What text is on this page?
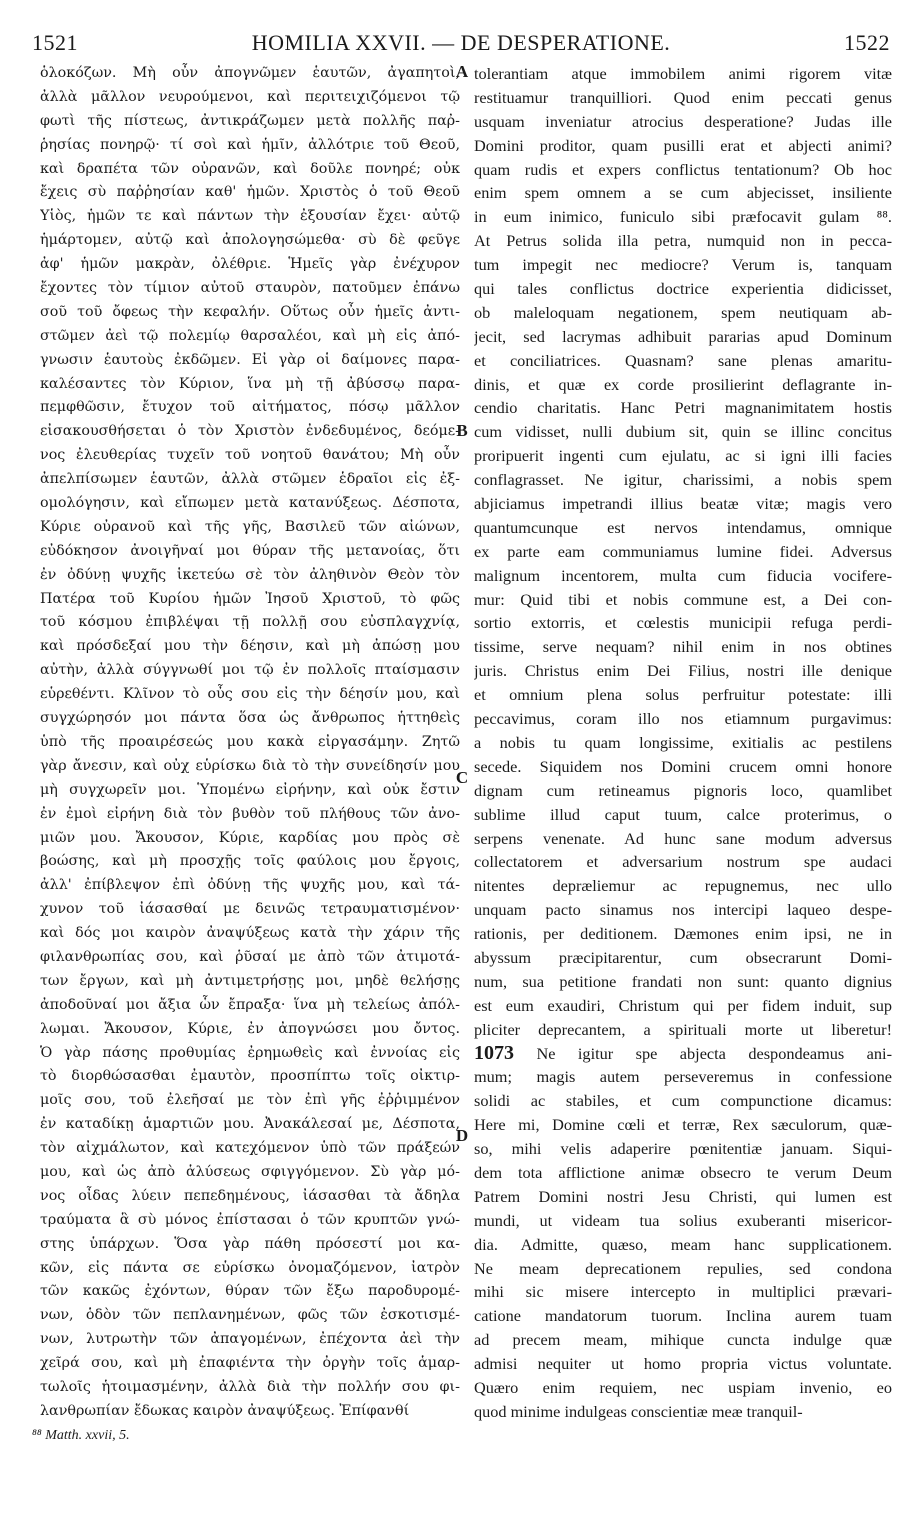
1521	HOMILIA XXVII. — DE DESPERATIONE.	1522
ὁλοκόζων. Μὴ οὖν ἀπογνῶμεν ἑαυτῶν, ἀγαπητοὶ,
ἀλλὰ μᾶλλον νευρούμενοι, καὶ περιτειχιζόμενοι τῷ
φωτὶ τῆς πίστεως, ἀντικράζωμεν μετὰ πολλῆς παῤ-
ῥησίας πονηρῷ· τί σοὶ καὶ ἡμῖν, ἀλλότριε τοῦ Θεοῦ,
καὶ δραπέτα τῶν οὐρανῶν, καὶ δοῦλε πονηρέ; οὐκ
ἔχεις σὺ παῤῥησίαν καθ' ἡμῶν. Χριστὸς ὁ τοῦ Θεοῦ
Υἱὸς, ἡμῶν τε καὶ πάντων τὴν ἐξουσίαν ἔχει· αὐτῷ
ἡμάρτομεν, αὐτῷ καὶ ἀπολογησώμεθα· σὺ δὲ φεῦγε
ἀφ' ἡμῶν μακρὰν, ὀλέθριε. Ἡμεῖς γὰρ ἐνέχυρον
ἔχοντες τὸν τίμιον αὐτοῦ σταυρὸν, πατοῦμεν ἐπάνω
σοῦ τοῦ ὄφεως τὴν κεφαλήν. Οὕτως οὖν ἡμεῖς ἀντι-
στῶμεν ἀεὶ τῷ πολεμίῳ θαρσαλέοι, καὶ μὴ εἰς ἀπό-
γνωσιν ἑαυτοὺς ἐκδῶμεν. Εἰ γὰρ οἱ δαίμονες παρα-
καλέσαντες τὸν Κύριον, ἵνα μὴ τῇ ἀβύσσῳ παρα-
πεμφθῶσιν, ἔτυχον τοῦ αἰτήματος, πόσῳ μᾶλλον
εἰσακουσθήσεται ὁ τὸν Χριστὸν ἐνδεδυμένος, δεόμε-
νος ἐλευθερίας τυχεῖν τοῦ νοητοῦ θανάτου; Μὴ οὖν
ἀπελπίσωμεν ἑαυτῶν, ἀλλὰ στῶμεν ἑδραῖοι εἰς ἐξ-
ομολόγησιν, καὶ εἴπωμεν μετὰ κατανύξεως. Δέσποτα,
Κύριε οὐρανοῦ καὶ τῆς γῆς, Βασιλεῦ τῶν αἰώνων,
εὐδόκησον ἀνοιγῆναί μοι θύραν τῆς μετανοίας, ὅτι
ἐν ὀδύνῃ ψυχῆς ἱκετεύω σὲ τὸν ἀληθινὸν Θεὸν τὸν
Πατέρα τοῦ Κυρίου ἡμῶν Ἰησοῦ Χριστοῦ, τὸ φῶς
τοῦ κόσμου ἐπιβλέψαι τῇ πολλῇ σου εὐσπλαγχνίᾳ,
καὶ πρόσδεξαί μου τὴν δέησιν, καὶ μὴ ἀπώσῃ μου
αὐτὴν, ἀλλὰ σύγγνωθί μοι τῷ ἐν πολλοῖς πταίσμασιν
εὑρεθέντι. Κλῖνον τὸ οὖς σου εἰς τὴν δέησίν μου, καὶ
συγχώρησόν μοι πάντα ὅσα ὡς ἄνθρωπος ἡττηθεὶς
ὑπὸ τῆς προαιρέσεώς μου κακὰ εἰργασάμην. Ζητῶ
γὰρ ἄνεσιν, καὶ οὐχ εὑρίσκω διὰ τὸ τὴν συνείδησίν μου
μὴ συγχωρεῖν μοι. Ὑπομένω εἰρήνην, καὶ οὐκ ἔστιν
ἐν ἐμοὶ εἰρήνη διὰ τὸν βυθὸν τοῦ πλήθους τῶν ἀνο-
μιῶν μου. Ἄκουσον, Κύριε, καρδίας μου πρὸς σὲ
βοώσης, καὶ μὴ προσχῇς τοῖς φαύλοις μου ἔργοις,
ἀλλ' ἐπίβλεψον ἐπὶ ὀδύνῃ τῆς ψυχῆς μου, καὶ τά-
χυνον τοῦ ἰάσασθαί με δεινῶς τετραυματισμένον·
καὶ δός μοι καιρὸν ἀναψύξεως κατὰ τὴν χάριν τῆς
φιλανθρωπίας σου, καὶ ῥῦσαί με ἀπὸ τῶν ἀτιμοτά-
των ἔργων, καὶ μὴ ἀντιμετρήσῃς μοι, μηδὲ θελήσῃς
ἀποδοῦναί μοι ἄξια ὧν ἔπραξα· ἵνα μὴ τελείως ἀπόλ-
λωμαι. Ἄκουσον, Κύριε, ἐν ἀπογνώσει μου ὄντος.
Ὁ γὰρ πάσης προθυμίας ἐρημωθεὶς καὶ ἐννοίας εἰς
τὸ διορθώσασθαι ἐμαυτὸν, προσπίπτω τοῖς οἰκτιρ-
μοῖς σου, τοῦ ἐλεῆσαί με τὸν ἐπὶ γῆς ἐῤῥιμμένον
ἐν καταδίκῃ ἁμαρτιῶν μου. Ἀνακάλεσαί με, Δέσποτα,
τὸν αἰχμάλωτον, καὶ κατεχόμενον ὑπὸ τῶν πράξεών
μου, καὶ ὡς ἀπὸ ἁλύσεως σφιγγόμενον. Σὺ γὰρ μό-
νος οἶδας λύειν πεπεδημένους, ἰάσασθαι τὰ ἄδηλα
τραύματα ἃ σὺ μόνος ἐπίστασαι ὁ τῶν κρυπτῶν γνώ-
στης ὑπάρχων. Ὅσα γὰρ πάθη πρόσεστί μοι κα-
κῶν, εἰς πάντα σε εὑρίσκω ὀνομαζόμενον, ἰατρὸν
τῶν κακῶς ἐχόντων, θύραν τῶν ἔξω παροδυρομέ-
νων, ὁδὸν τῶν πεπλανημένων, φῶς τῶν ἐσκοτισμέ-
νων, λυτρωτὴν τῶν ἀπαγομένων, ἐπέχοντα ἀεὶ τὴν
χεῖρά σου, καὶ μὴ ἐπαφιέντα τὴν ὀργὴν τοῖς ἁμαρ-
τωλοῖς ἡτοιμασμένην, ἀλλὰ διὰ τὴν πολλήν σου φι-
λανθρωπίαν ἔδωκας καιρὸν ἀναψύξεως. Ἐπίφανθί
tolerantiam atque immobilem animi rigorem vitæ
restituamur tranquilliori. Quod enim peccati genus
usquam inveniatur atrocius desperatione? Judas ille
Domini proditor, quam pusilli erat et abjecti animi?
quam rudis et expers conflictus tentationum? Ob hoc
enim spem omnem a se cum abjecisset, insiliente
in eum inimico, funiculo sibi præfocavit gulam ⁸⁸.
At Petrus solida illa petra, numquid non in pecca-
tum impegit nec mediocre? Verum is, tanquam
qui tales conflictus doctrice experientia didicisset,
ob maleloquam negationem, spem neutiquam ab-
jecit, sed lacrymas adhibuit pararias apud Dominum
et conciliatrices. Quasnam? sane plenas amaritu-
dinis, et quæ ex corde prosilierint deflagrante in-
cendio charitatis. Hanc Petri magnanimitatem hostis
cum vidisset, nulli dubium sit, quin se illinc concitus
proripuerit ingenti cum ejulatu, ac si igni illi facies
conflagrasset. Ne igitur, charissimi, a nobis spem
abjiciamus impetrandi illius beatæ vitæ; magis vero
quantumcunque est nervos intendamus, omnique
ex parte eam communiamus lumine fidei. Adversus
malignum incentorem, multa cum fiducia vocifere-
mur: Quid tibi et nobis commune est, a Dei con-
sortio extorris, et cœlestis municipii refuga perdi-
tissime, serve nequam? nihil enim in nos obtines
juris. Christus enim Dei Filius, nostri ille denique
et omnium plena solus perfruitur potestate: illi
peccavimus, coram illo nos etiamnum purgavimus:
a nobis tu quam longissime, exitialis ac pestilens
secede. Siquidem nos Domini crucem omni honore
dignam cum retineamus pignoris loco, quamlibet
sublime illud caput tuum, calce proterimus, o
serpens venenate. Ad hunc sane modum adversus
collectatorem et adversarium nostrum spe audaci
nitentes depræliemur ac repugnemus, nec ullo
unquam pacto sinamus nos intercipi laqueo despe-
rationis, per deditionem. Dæmones enim ipsi, ne in
abyssum præcipitarentur, cum obsecrarunt Domi-
num, sua petitione frandati non sunt: quanto dignius
est eum exaudiri, Christum qui per fidem induit, sup
pliciter deprecantem, a spirituali morte ut liberetur!
1073 Ne igitur spe abjecta despondeamus ani-
mum; magis autem perseveremus in confessione
solidi ac stabiles, et cum compunctione dicamus:
Here mi, Domine cœli et terræ, Rex sæculorum, quæ-
so, mihi velis adaperire pœnitentiæ januam. Siqui-
dem tota afflictione animæ obsecro te verum Deum
Patrem Domini nostri Jesu Christi, qui lumen est
mundi, ut videam tua solius exuberanti misericor-
dia. Admitte, quæso, meam hanc supplicationem.
Ne meam deprecationem repulies, sed condona
mihi sic misere intercepto in multiplici prævari-
catione mandatorum tuorum. Inclina aurem tuam
ad precem meam, mihique cuncta indulge quæ
admisi nequiter ut homo propria victus voluntate.
Quæro enim requiem, nec uspiam invenio, eo
quod minime indulgeas conscientiæ meæ tranquil-
A
B
C
D
⁸⁸ Matth. xxvii, 5.
